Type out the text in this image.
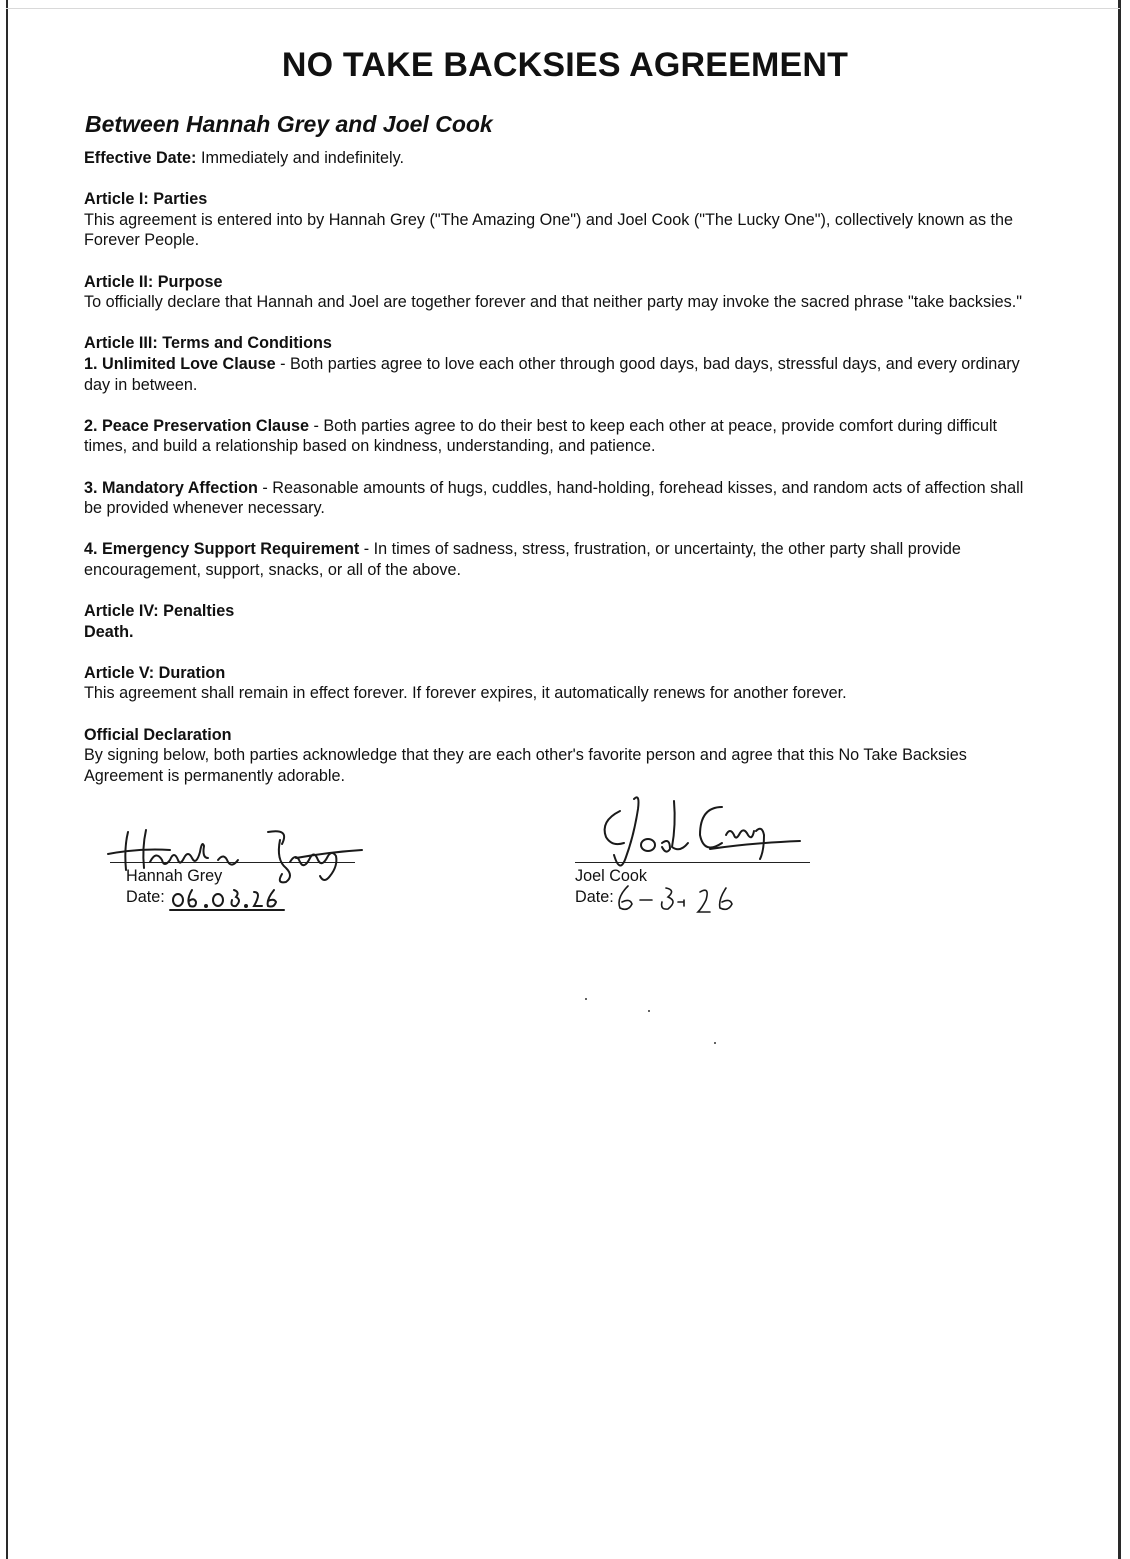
NO TAKE BACKSIES AGREEMENT
Between Hannah Grey and Joel Cook

Effective Date: Immediately and indefinitely.

Article I: Parties

This agreement is entered into by Hannah Grey ("The Amazing One") and Joel Cook ("The Lucky One"), collectively known as the Forever People.

Article II: Purpose

To officially declare that Hannah and Joel are together forever and that neither party may invoke the sacred phrase "take backsies."

Article III: Terms and Conditions

1. Unlimited Love Clause - Both parties agree to love each other through good days, bad days, stressful days, and every ordinary day in between.

2. Peace Preservation Clause - Both parties agree to do their best to keep each other at peace, provide comfort during difficult times, and build a relationship based on kindness, understanding, and patience.

3. Mandatory Affection - Reasonable amounts of hugs, cuddles, hand-holding, forehead kisses, and random acts of affection shall be provided whenever necessary.

4. Emergency Support Requirement - In times of sadness, stress, frustration, or uncertainty, the other party shall provide encouragement, support, snacks, or all of the above.

Article IV: Penalties

Death.

Article V: Duration

This agreement shall remain in effect forever. If forever expires, it automatically renews for another forever.

Official Declaration

By signing below, both parties acknowledge that they are each other's favorite person and agree that this No Take Backsies Agreement is permanently adorable.

Hannah Grey
Date:
Joel Cook
Date:
